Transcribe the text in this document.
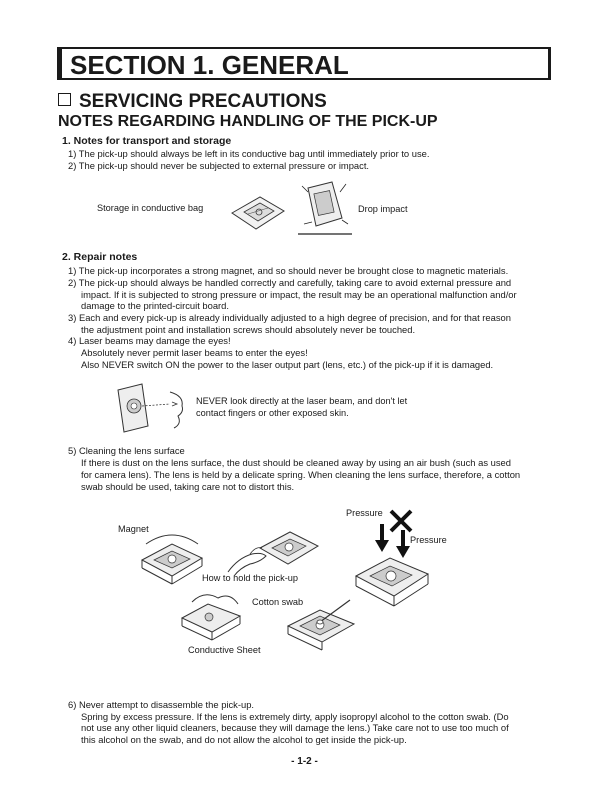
SECTION 1. GENERAL
SERVICING PRECAUTIONS
NOTES REGARDING HANDLING OF THE PICK-UP
1. Notes for transport and storage
1) The pick-up should always be left in its conductive bag until immediately prior to use.
2) The pick-up should never be subjected to external pressure or impact.
Storage in conductive bag	Drop impact
2. Repair notes
1) The pick-up incorporates a strong magnet, and so should never be brought close to magnetic materials.
2) The pick-up should always be handled correctly and carefully, taking care to avoid external pressure and
impact. If it is subjected to strong pressure or impact, the result may be an operational malfunction and/or
damage to the printed-circuit board.
3) Each and every pick-up is already individually adjusted to a high degree of precision, and for that reason
the adjustment point and installation screws should absolutely never be touched.
4) Laser beams may damage the eyes!
Absolutely never permit laser beams to enter the eyes!
Also NEVER switch ON the power to the laser output part (lens, etc.) of the pick-up if it is damaged.
NEVER look directly at the laser beam, and don't let
contact fingers or other exposed skin.
5) Cleaning the lens surface
If there is dust on the lens surface, the dust should be cleaned away by using an air bush (such as used
for camera lens). The lens is held by a delicate spring. When cleaning the lens surface, therefore, a cotton
swab should be used, taking care not to distort this.
Pressure
Pressure
Magnet
How to hold the pick-up
Cotton swab
Conductive Sheet
6) Never attempt to disassemble the pick-up.
Spring by excess pressure. If the lens is extremely dirty, apply isopropyl alcohol to the cotton swab. (Do
not use any other liquid cleaners, because they will damage the lens.) Take care not to use too much of
this alcohol on the swab, and do not allow the alcohol to get inside the pick-up.
- 1-2 -
